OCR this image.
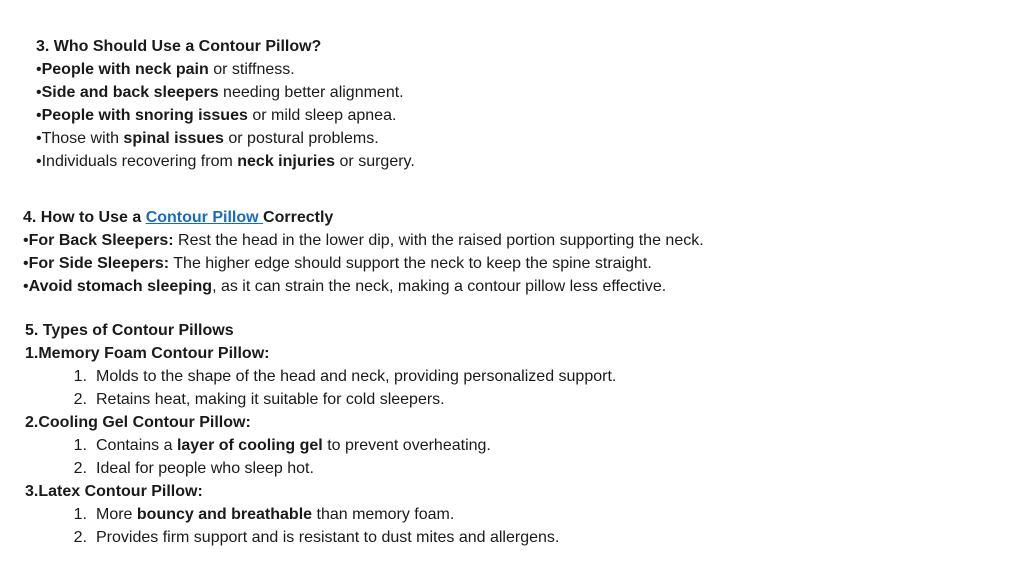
3. Who Should Use a Contour Pillow?
•People with neck pain or stiffness.
•Side and back sleepers needing better alignment.
•People with snoring issues or mild sleep apnea.
•Those with spinal issues or postural problems.
•Individuals recovering from neck injuries or surgery.
4. How to Use a Contour Pillow Correctly
•For Back Sleepers: Rest the head in the lower dip, with the raised portion supporting the neck.
•For Side Sleepers: The higher edge should support the neck to keep the spine straight.
•Avoid stomach sleeping, as it can strain the neck, making a contour pillow less effective.
5. Types of Contour Pillows
1.Memory Foam Contour Pillow:
1. Molds to the shape of the head and neck, providing personalized support.
2. Retains heat, making it suitable for cold sleepers.
2.Cooling Gel Contour Pillow:
1. Contains a layer of cooling gel to prevent overheating.
2. Ideal for people who sleep hot.
3.Latex Contour Pillow:
1. More bouncy and breathable than memory foam.
2. Provides firm support and is resistant to dust mites and allergens.
